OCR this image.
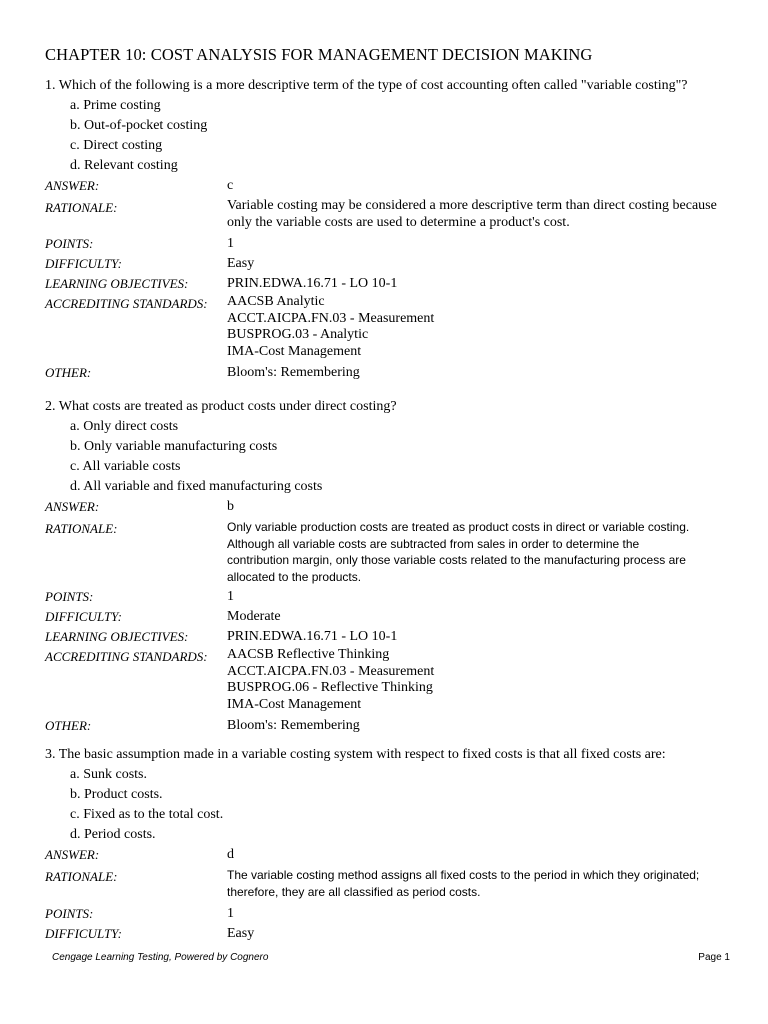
CHAPTER 10: COST ANALYSIS FOR MANAGEMENT DECISION MAKING
1. Which of the following is a more descriptive term of the type of cost accounting often called "variable costing"?
a. Prime costing
b. Out-of-pocket costing
c. Direct costing
d. Relevant costing
ANSWER:	c
RATIONALE:	Variable costing may be considered a more descriptive term than direct costing because
only the variable costs are used to determine a product's cost.
POINTS:	1
DIFFICULTY:	Easy
LEARNING OBJECTIVES:	PRIN.EDWA.16.71 - LO 10-1
ACCREDITING STANDARDS:	AACSB Analytic
ACCT.AICPA.FN.03 - Measurement
BUSPROG.03 - Analytic
IMA-Cost Management
OTHER:	Bloom's: Remembering
2. What costs are treated as product costs under direct costing?
a. Only direct costs
b. Only variable manufacturing costs
c. All variable costs
d. All variable and fixed manufacturing costs
ANSWER:	b
RATIONALE:	Only variable production costs are treated as product costs in direct or variable costing.
Although all variable costs are subtracted from sales in order to determine the
contribution margin, only those variable costs related to the manufacturing process are
allocated to the products.
POINTS:	1
DIFFICULTY:	Moderate
LEARNING OBJECTIVES:	PRIN.EDWA.16.71 - LO 10-1
ACCREDITING STANDARDS:	AACSB Reflective Thinking
ACCT.AICPA.FN.03 - Measurement
BUSPROG.06 - Reflective Thinking
IMA-Cost Management
OTHER:	Bloom's: Remembering
3. The basic assumption made in a variable costing system with respect to fixed costs is that all fixed costs are:
a. Sunk costs.
b. Product costs.
c. Fixed as to the total cost.
d. Period costs.
ANSWER:	d
RATIONALE:	The variable costing method assigns all fixed costs to the period in which they originated;
therefore, they are all classified as period costs.
POINTS:	1
DIFFICULTY:	Easy
Cengage Learning Testing, Powered by Cognero	Page 1
